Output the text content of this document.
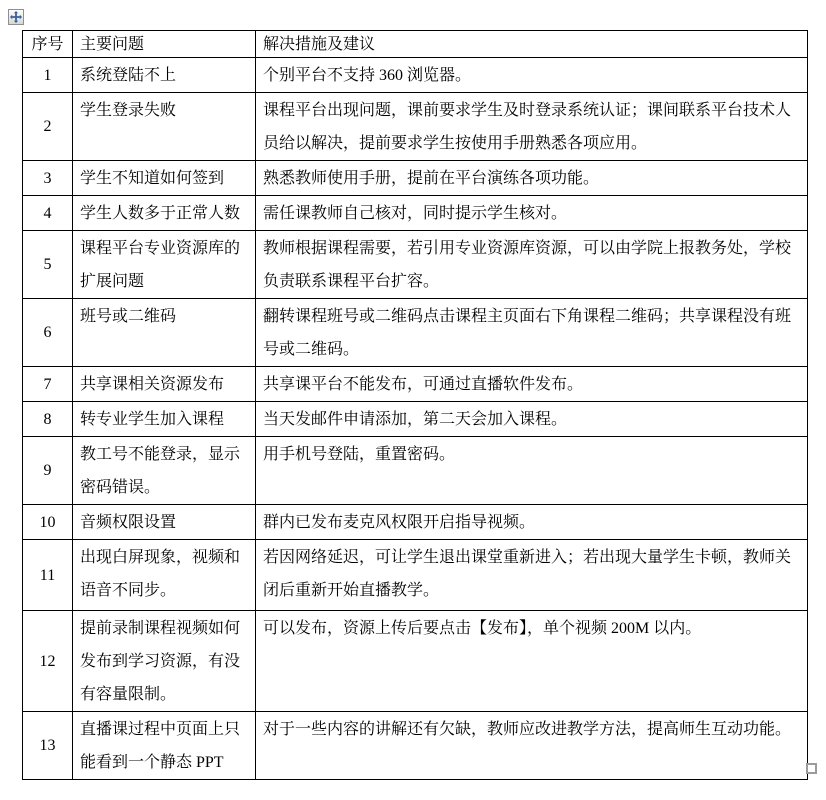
序号	主要问题	解决措施及建议
1	系统登陆不上	个别平台不支持 360 浏览器。
2	学生登录失败	课程平台出现问题，课前要求学生及时登录系统认证；课间联系平台技术人员给以解决，提前要求学生按使用手册熟悉各项应用。
3	学生不知道如何签到	熟悉教师使用手册，提前在平台演练各项功能。
4	学生人数多于正常人数	需任课教师自己核对，同时提示学生核对。
5	课程平台专业资源库的扩展问题	教师根据课程需要，若引用专业资源库资源，可以由学院上报教务处，学校负责联系课程平台扩容。
6	班号或二维码	翻转课程班号或二维码点击课程主页面右下角课程二维码；共享课程没有班号或二维码。
7	共享课相关资源发布	共享课平台不能发布，可通过直播软件发布。
8	转专业学生加入课程	当天发邮件申请添加，第二天会加入课程。
9	教工号不能登录，显示密码错误。	用手机号登陆，重置密码。
10	音频权限设置	群内已发布麦克风权限开启指导视频。
11	出现白屏现象，视频和语音不同步。	若因网络延迟，可让学生退出课堂重新进入；若出现大量学生卡顿，教师关闭后重新开始直播教学。
12	提前录制课程视频如何发布到学习资源，有没有容量限制。	可以发布，资源上传后要点击【发布】，单个视频 200M 以内。
13	直播课过程中页面上只能看到一个静态 PPT	对于一些内容的讲解还有欠缺，教师应改进教学方法，提高师生互动功能。
